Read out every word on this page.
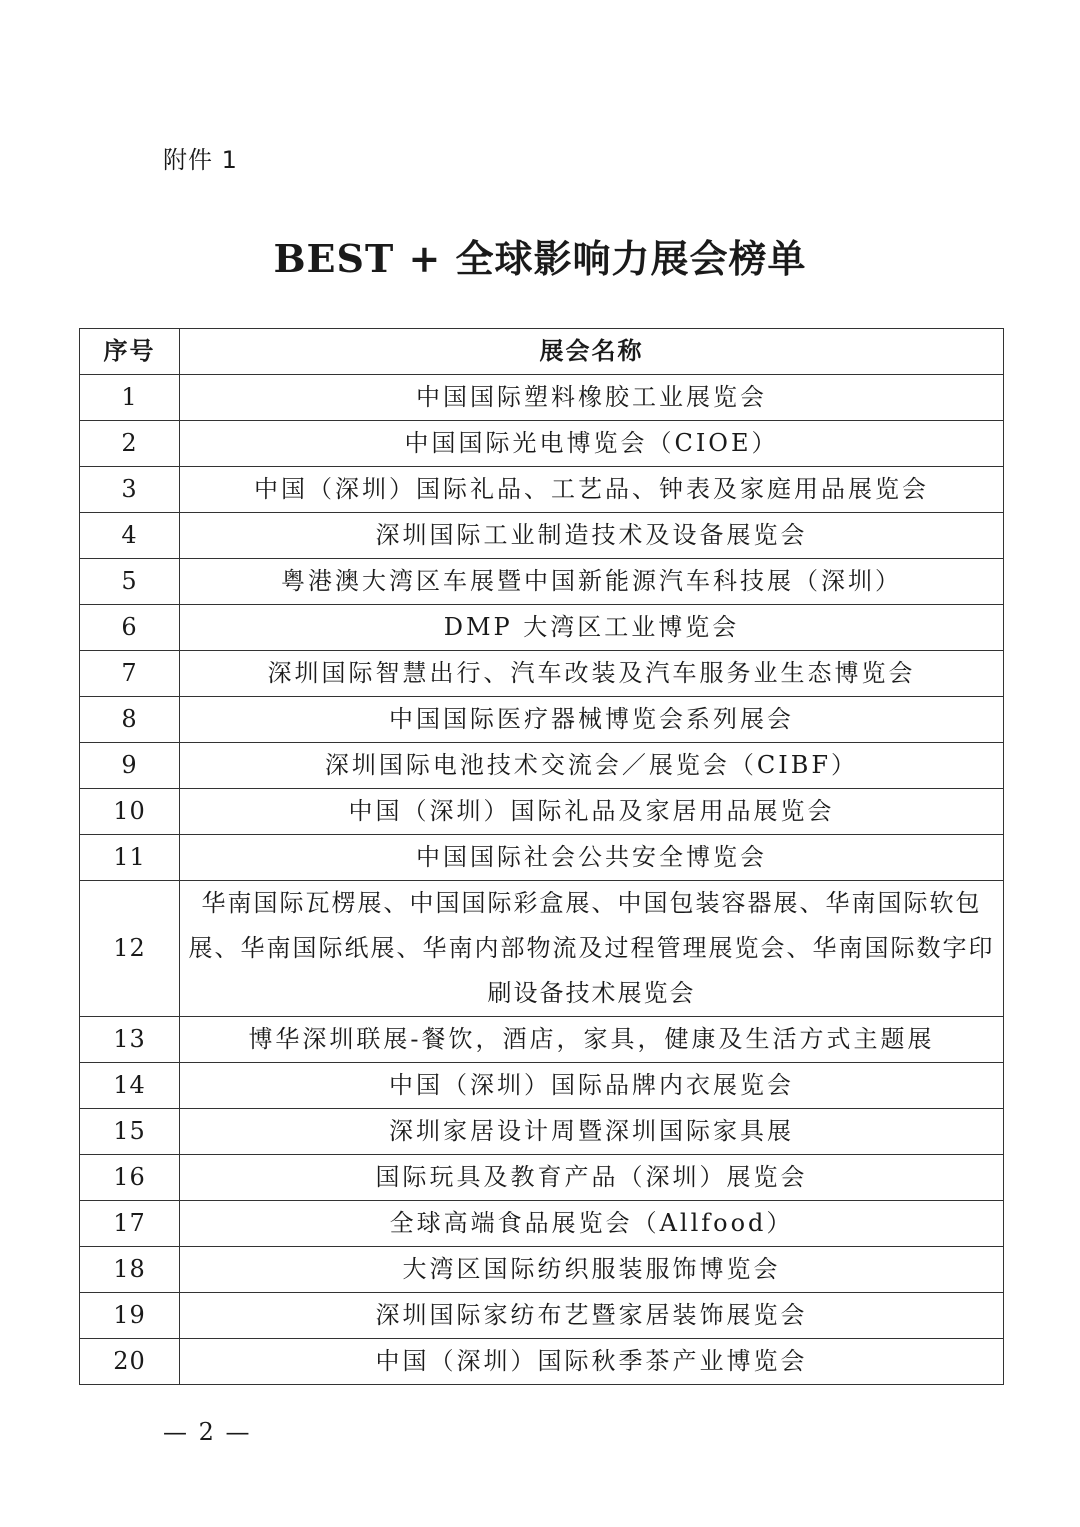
附件 1
BEST + 全球影响力展会榜单
序号	展会名称
1	中国国际塑料橡胶工业展览会
2	中国国际光电博览会（CIOE）
3	中国（深圳）国际礼品、工艺品、钟表及家庭用品展览会
4	深圳国际工业制造技术及设备展览会
5	粤港澳大湾区车展暨中国新能源汽车科技展（深圳）
6	DMP 大湾区工业博览会
7	深圳国际智慧出行、汽车改装及汽车服务业生态博览会
8	中国国际医疗器械博览会系列展会
9	深圳国际电池技术交流会／展览会（CIBF）
10	中国（深圳）国际礼品及家居用品展览会
11	中国国际社会公共安全博览会
12	华南国际瓦楞展、中国国际彩盒展、中国包装容器展、华南国际软包展、华南国际纸展、华南内部物流及过程管理展览会、华南国际数字印刷设备技术展览会
13	博华深圳联展-餐饮，酒店，家具，健康及生活方式主题展
14	中国（深圳）国际品牌内衣展览会
15	深圳家居设计周暨深圳国际家具展
16	国际玩具及教育产品（深圳）展览会
17	全球高端食品展览会（Allfood）
18	大湾区国际纺织服装服饰博览会
19	深圳国际家纺布艺暨家居装饰展览会
20	中国（深圳）国际秋季茶产业博览会
— 2 —
